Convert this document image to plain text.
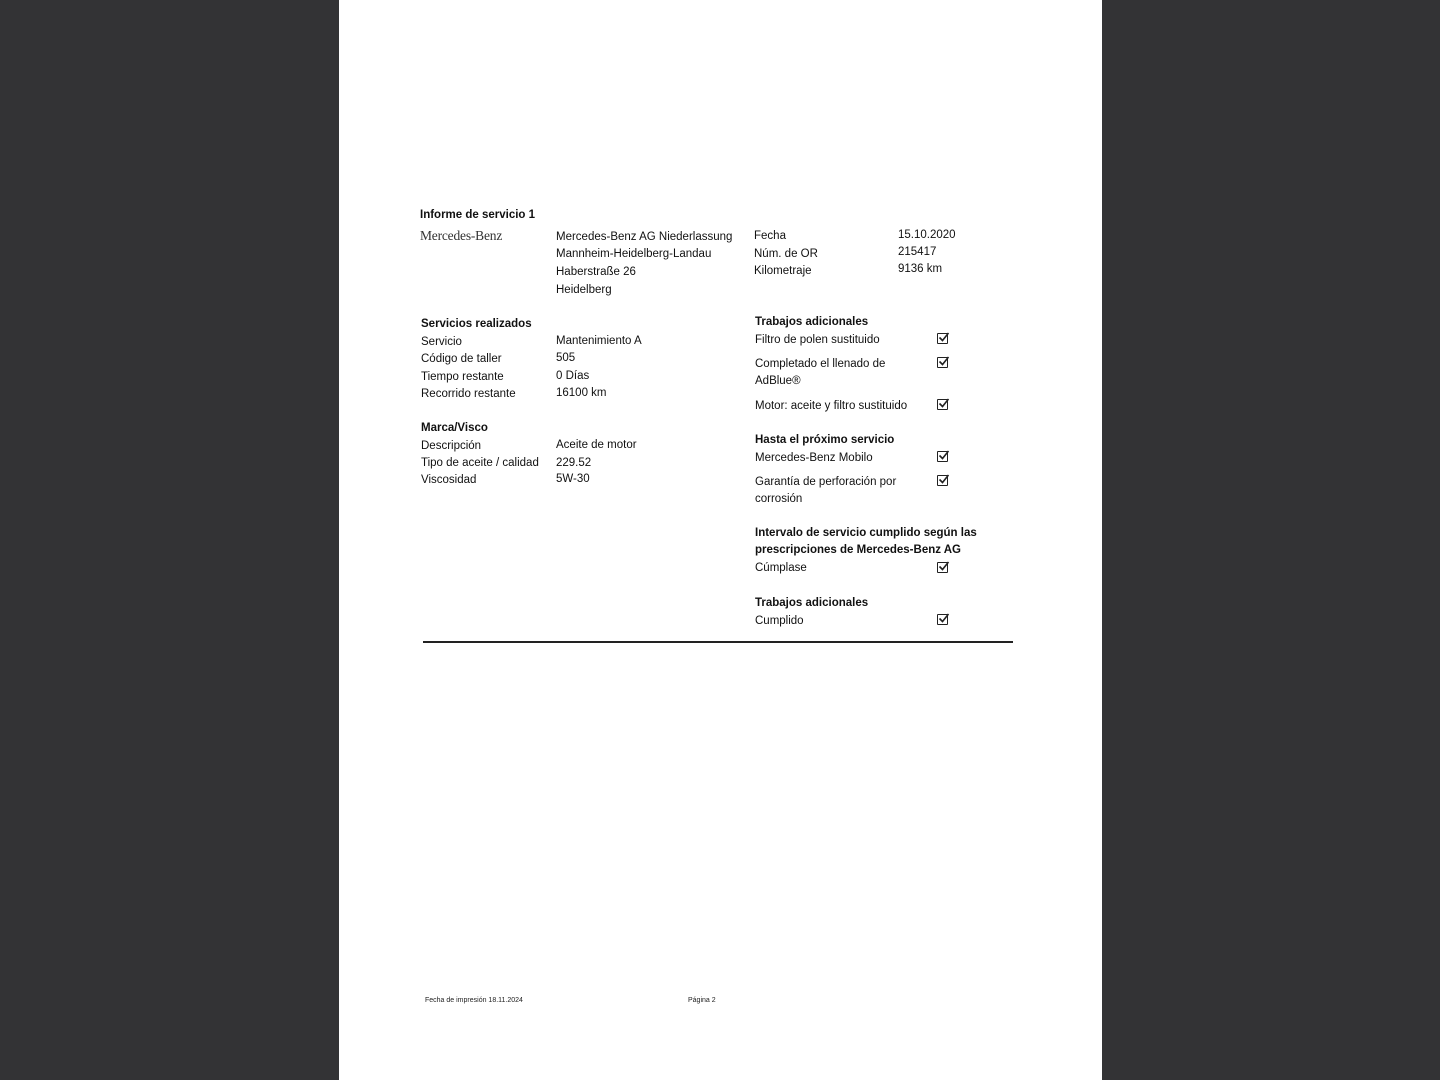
Informe de servicio 1
Mercedes-Benz	Mercedes-Benz AG Niederlassung
Mannheim-Heidelberg-Landau
Haberstraße 26
Heidelberg
Fecha	15.10.2020
Núm. de OR	215417
Kilometraje	9136 km
Servicios realizados
Servicio	Mantenimiento A
Código de taller	505
Tiempo restante	0 Días
Recorrido restante	16100 km
Marca/Visco
Descripción	Aceite de motor
Tipo de aceite / calidad 229.52
Viscosidad	5W-30
Trabajos adicionales
Filtro de polen sustituido
Completado el llenado de
AdBlue®
Motor: aceite y filtro sustituido
Hasta el próximo servicio
Mercedes-Benz Mobilo
Garantía de perforación por
corrosión
Intervalo de servicio cumplido según las
prescripciones de Mercedes-Benz AG
Cúmplase
Trabajos adicionales
Cumplido
Fecha de impresión 18.11.2024	Página 2
